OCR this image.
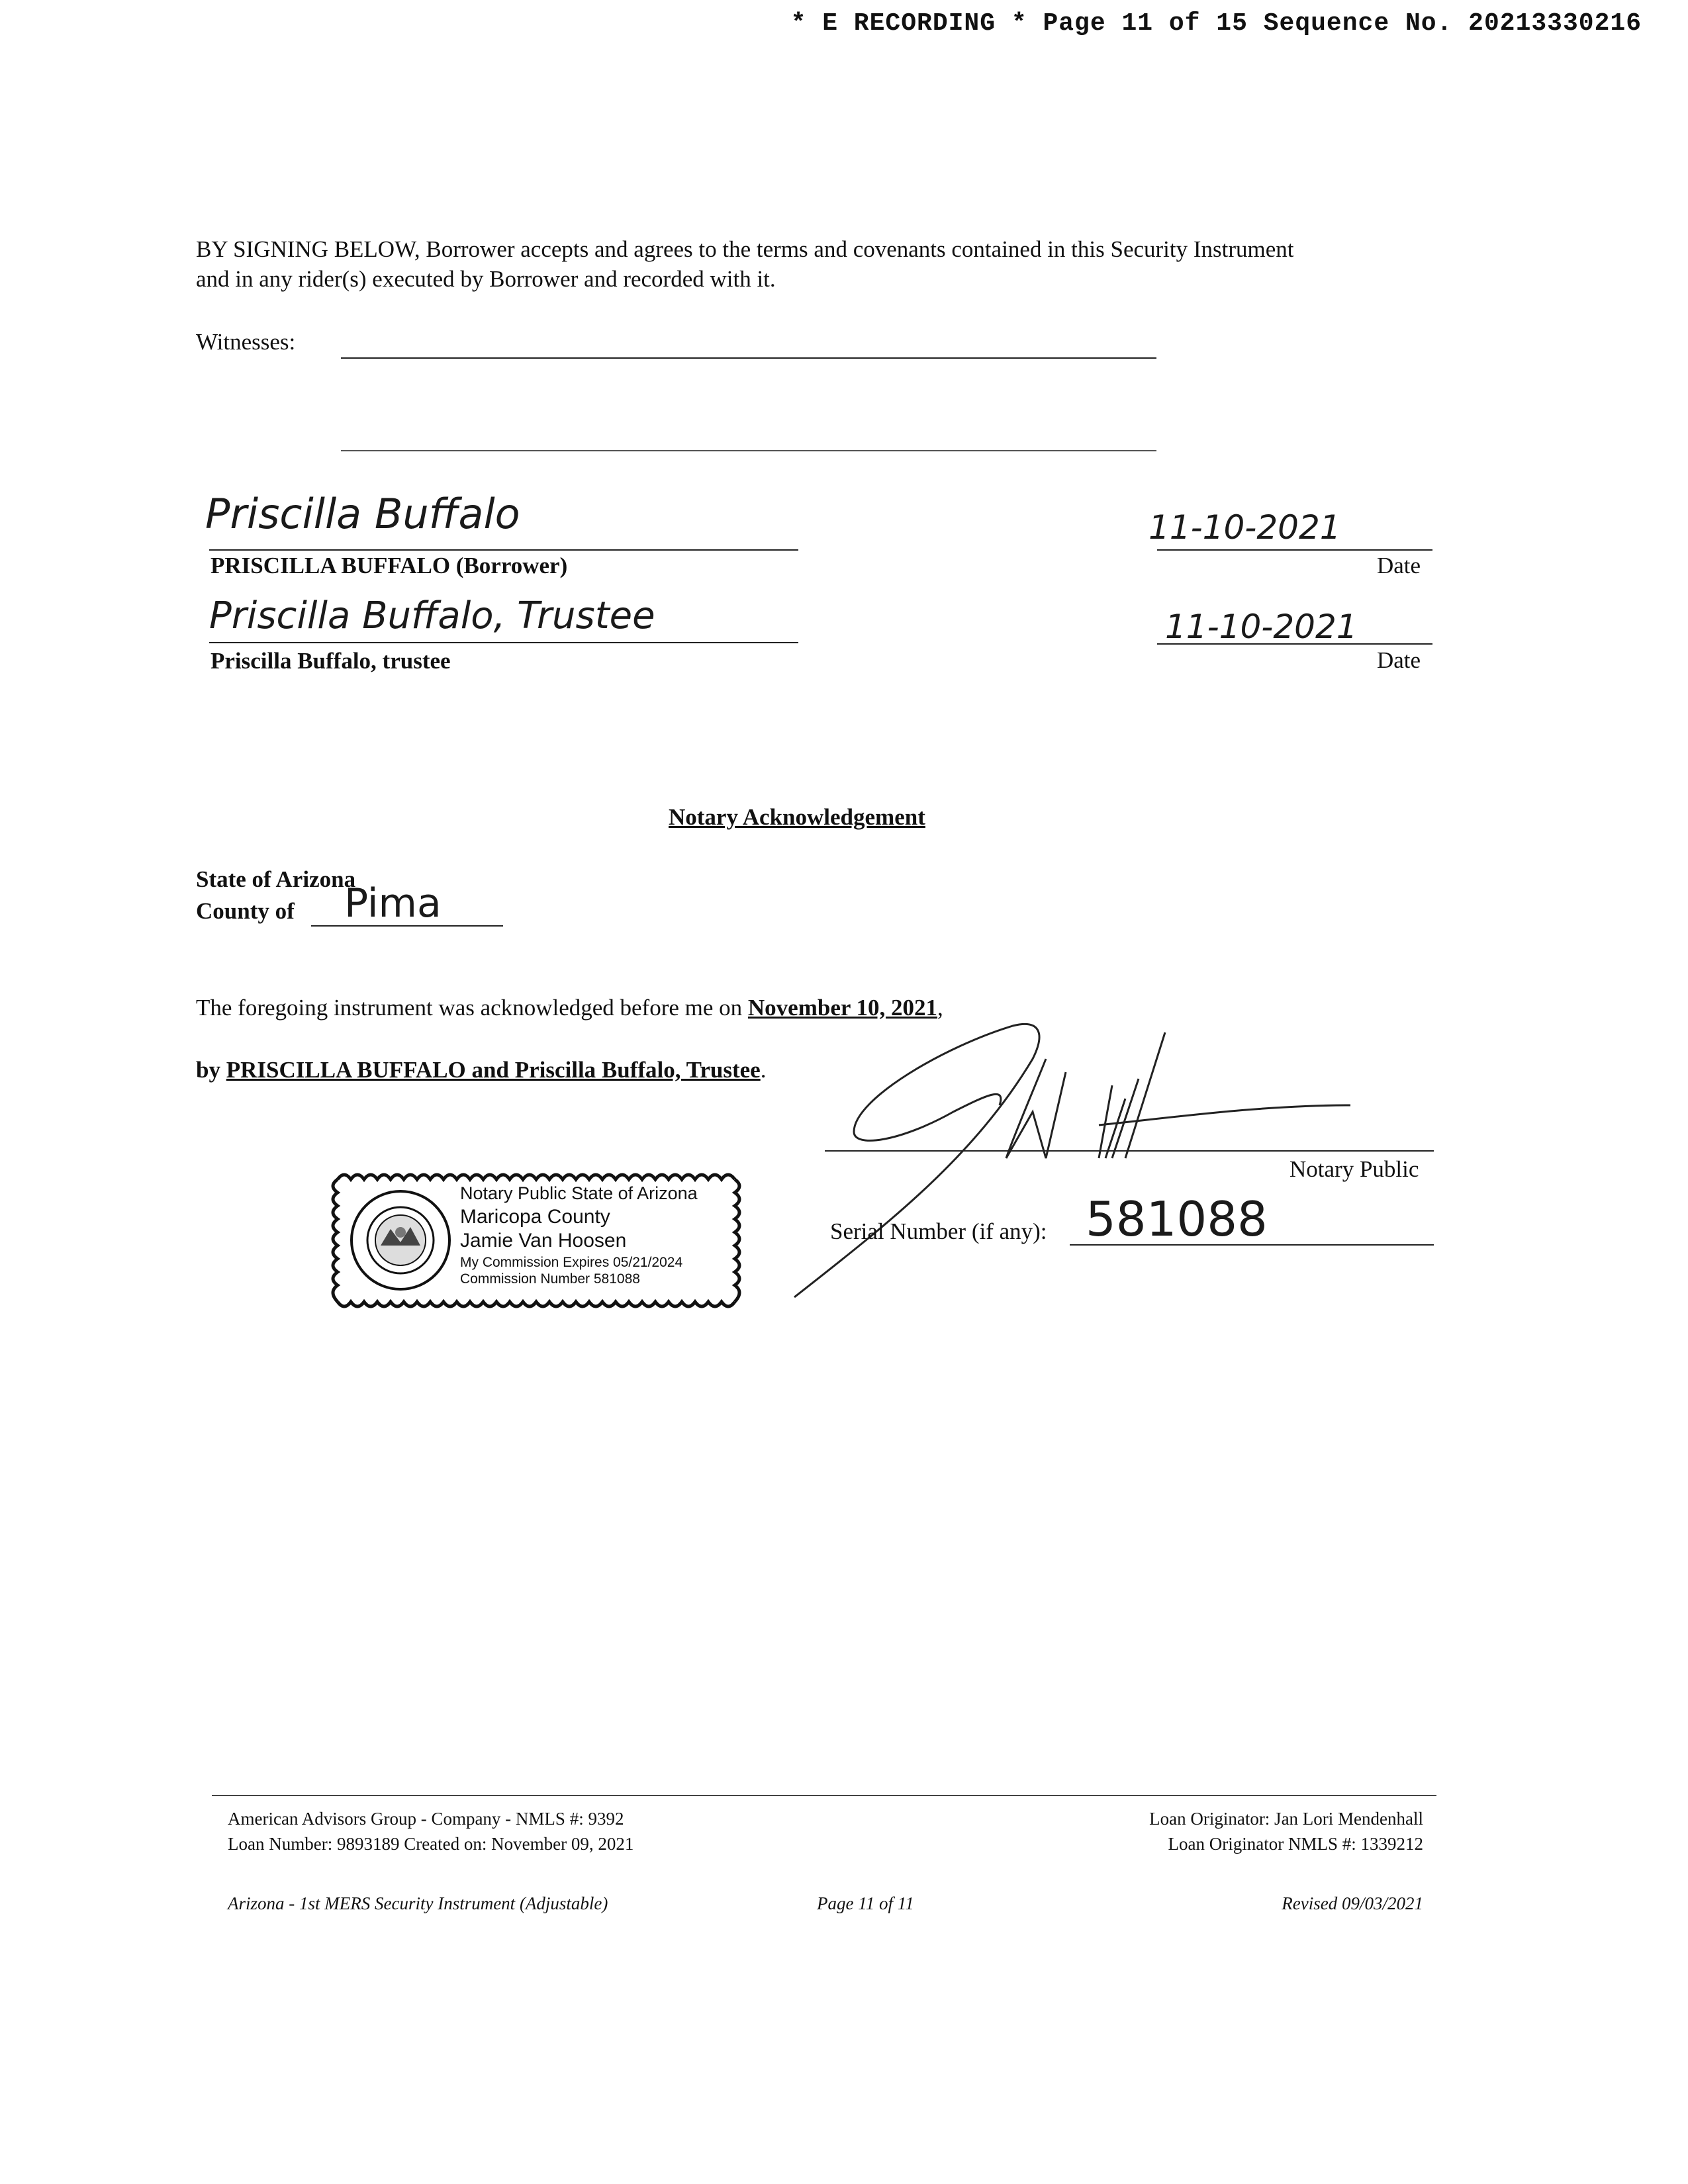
* E RECORDING * Page 11 of 15 Sequence No. 20213330216
BY SIGNING BELOW, Borrower accepts and agrees to the terms and covenants contained in this Security Instrument
and in any rider(s) executed by Borrower and recorded with it.
Witnesses:
Priscilla Buffalo
PRISCILLA BUFFALO (Borrower)
11-10-2021
Date
Priscilla Buffalo, Trustee
Priscilla Buffalo, trustee
11-10-2021
Date
Notary Acknowledgement
State of Arizona
County of Pima
The foregoing instrument was acknowledged before me on November 10, 2021,
by PRISCILLA BUFFALO and Priscilla Buffalo, Trustee.
Notary Public
Serial Number (if any): 581088
Notary Public State of Arizona
Maricopa County
Jamie Van Hoosen
My Commission Expires 05/21/2024
Commission Number 581088
American Advisors Group - Company - NMLS #: 9392
Loan Number: 9893189 Created on: November 09, 2021
Loan Originator: Jan Lori Mendenhall
Loan Originator NMLS #: 1339212
Arizona - 1st MERS Security Instrument (Adjustable)	Page 11 of 11	Revised 09/03/2021
